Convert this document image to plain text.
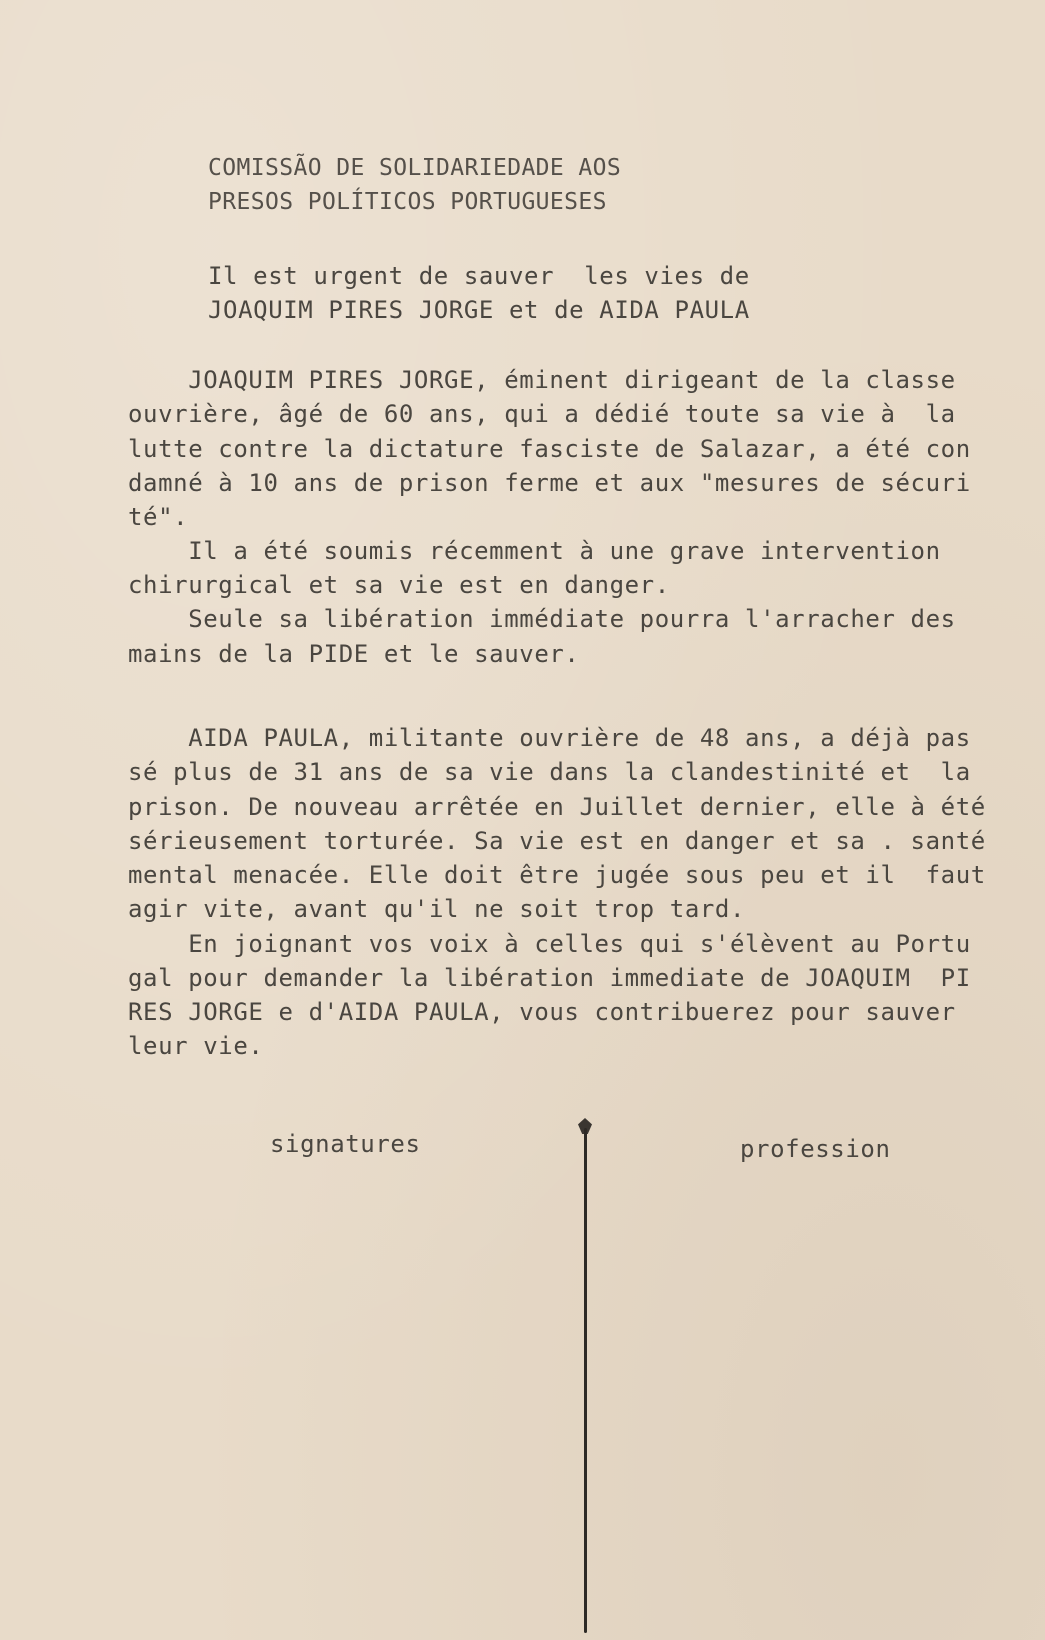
COMISSÃO DE SOLIDARIEDADE AOS
PRESOS POLÍTICOS PORTUGUESES
Il est urgent de sauver  les vies de
JOAQUIM PIRES JORGE et de AIDA PAULA
JOAQUIM PIRES JORGE, éminent dirigeant de la classe
ouvrière, âgé de 60 ans, qui a dédié toute sa vie à  la
lutte contre la dictature fasciste de Salazar, a été con
damné à 10 ans de prison ferme et aux "mesures de sécuri
té".
Il a été soumis récemment à une grave intervention
chirurgical et sa vie est en danger.
Seule sa libération immédiate pourra l'arracher des
mains de la PIDE et le sauver.
AIDA PAULA, militante ouvrière de 48 ans, a déjà pas
sé plus de 31 ans de sa vie dans la clandestinité et  la
prison. De nouveau arrêtée en Juillet dernier, elle à été
sérieusement torturée. Sa vie est en danger et sa . santé
mental menacée. Elle doit être jugée sous peu et il  faut
agir vite, avant qu'il ne soit trop tard.
En joignant vos voix à celles qui s'élèvent au Portu
gal pour demander la libération immediate de JOAQUIM  PI
RES JORGE e d'AIDA PAULA, vous contribuerez pour sauver
leur vie.
signatures	profession
